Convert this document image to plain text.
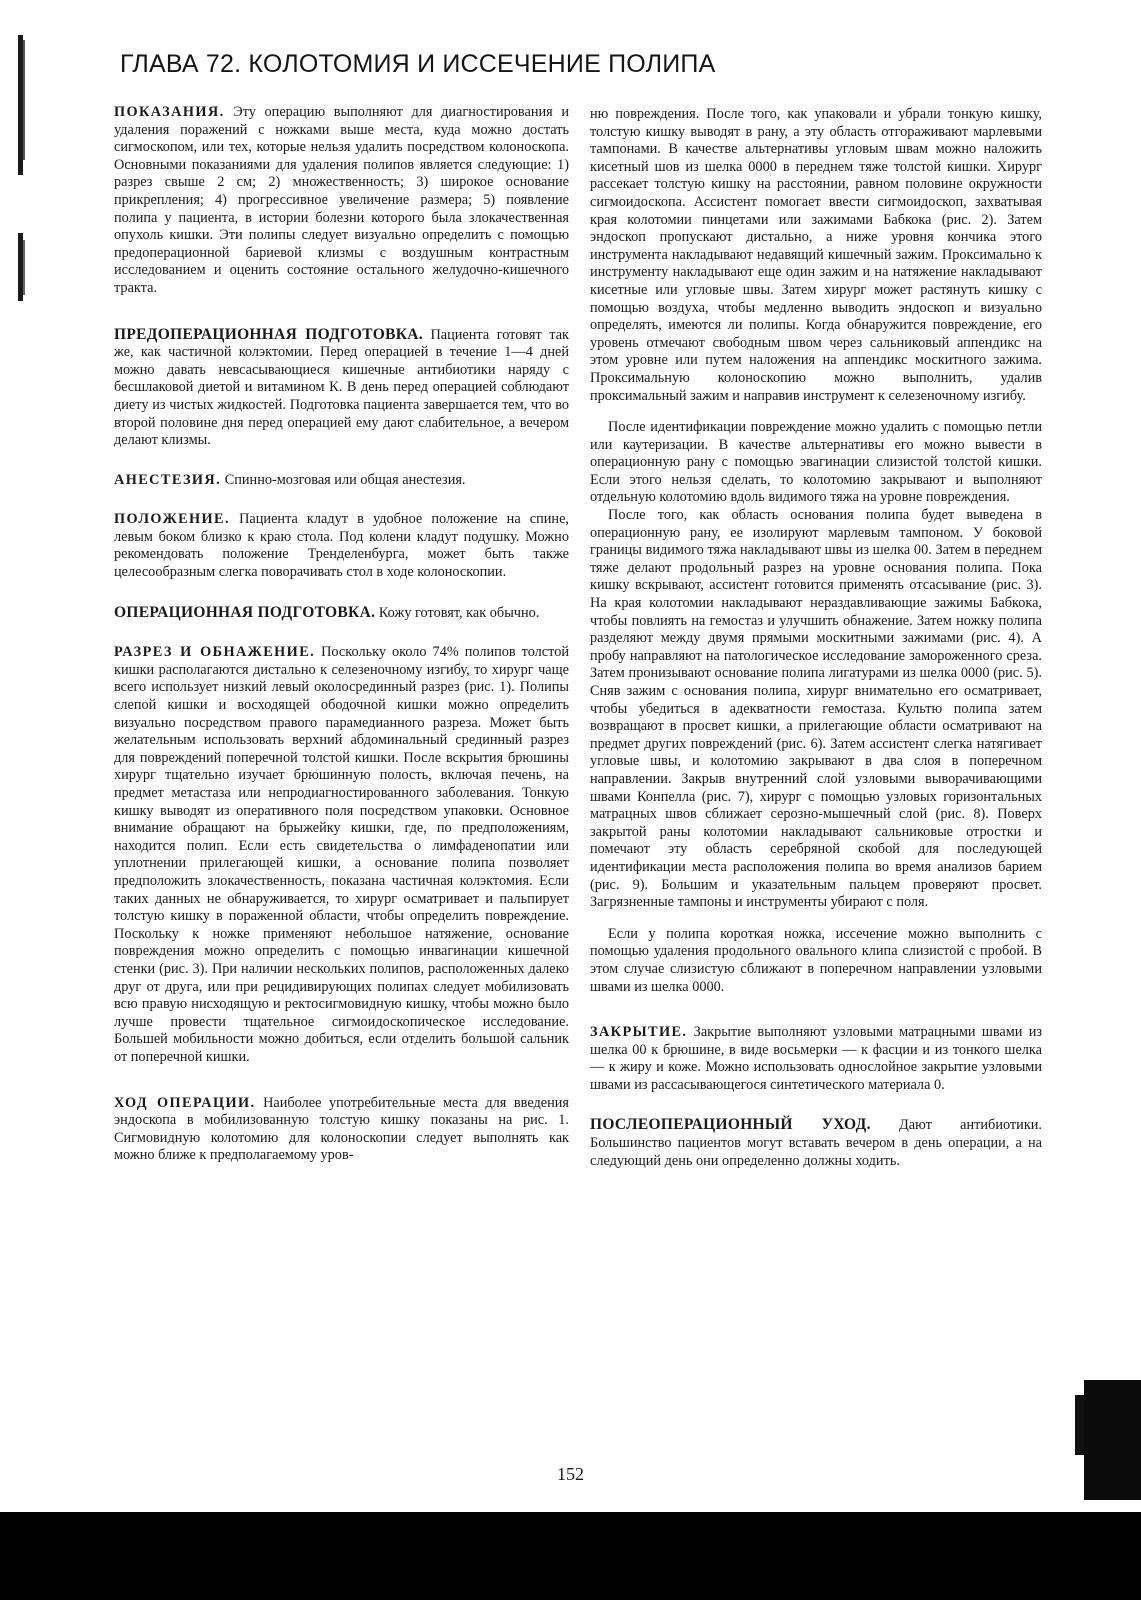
ГЛАВА 72. КОЛОТОМИЯ И ИССЕЧЕНИЕ ПОЛИПА

ПОКАЗАНИЯ. Эту операцию выполняют для диагностирования и удаления поражений с ножками выше места, куда можно достать сигмоскопом, или тех, которые нельзя удалить посредством колоноскопа. Основными показаниями для удаления полипов является следующие: 1) разрез свыше 2 см; 2) множественность; 3) широкое основание прикрепления; 4) прогрессивное увеличение размера; 5) появление полипа у пациента, в истории болезни которого была злокачественная опухоль кишки. Эти полипы следует визуально определить с помощью предоперационной бариевой клизмы с воздушным контрастным исследованием и оценить состояние остального желудочно-кишечного тракта.

ПРЕДОПЕРАЦИОННАЯ ПОДГОТОВКА. Пациента готовят так же, как частичной колэктомии. Перед операцией в течение 1—4 дней можно давать невсасывающиеся кишечные антибиотики наряду с бесшлаковой диетой и витамином К. В день перед операцией соблюдают диету из чистых жидкостей. Подготовка пациента завершается тем, что во второй половине дня перед операцией ему дают слабительное, а вечером делают клизмы.

АНЕСТЕЗИЯ. Спинно-мозговая или общая анестезия.

ПОЛОЖЕНИЕ. Пациента кладут в удобное положение на спине, левым боком близко к краю стола. Под колени кладут подушку. Можно рекомендовать положение Тренделенбурга, может быть также целесообразным слегка поворачивать стол в ходе колоноскопии.

ОПЕРАЦИОННАЯ ПОДГОТОВКА. Кожу готовят, как обычно.

РАЗРЕЗ И ОБНАЖЕНИЕ. Поскольку около 74% полипов толстой кишки располагаются дистально к селезеночному изгибу, то хирург чаще всего использует низкий левый околосрединный разрез (рис. 1). Полипы слепой кишки и восходящей ободочной кишки можно определить визуально посредством правого парамедианного разреза. Может быть желательным использовать верхний абдоминальный срединный разрез для повреждений поперечной толстой кишки. После вскрытия брюшины хирург тщательно изучает брюшинную полость, включая печень, на предмет метастаза или непродиагностированного заболевания. Тонкую кишку выводят из оперативного поля посредством упаковки. Основное внимание обращают на брыжейку кишки, где, по предположениям, находится полип. Если есть свидетельства о лимфаденопатии или уплотнении прилегающей кишки, а основание полипа позволяет предположить злокачественность, показана частичная колэктомия. Если таких данных не обнаруживается, то хирург осматривает и пальпирует толстую кишку в пораженной области, чтобы определить повреждение. Поскольку к ножке применяют небольшое натяжение, основание повреждения можно определить с помощью инвагинации кишечной стенки (рис. 3). При наличии нескольких полипов, расположенных далеко друг от друга, или при рецидивирующих полипах следует мобилизовать всю правую нисходящую и ректосигмовидную кишку, чтобы можно было лучше провести тщательное сигмоидоскопическое исследование. Большей мобильности можно добиться, если отделить большой сальник от поперечной кишки.

ХОД ОПЕРАЦИИ. Наиболее употребительные места для введения эндоскопа в мобилизованную толстую кишку показаны на рис. 1. Сигмовидную колотомию для колоноскопии следует выполнять как можно ближе к предполагаемому уров-

ню повреждения. После того, как упаковали и убрали тонкую кишку, толстую кишку выводят в рану, а эту область отгораживают марлевыми тампонами. В качестве альтернативы угловым швам можно наложить кисетный шов из шелка 0000 в переднем тяже толстой кишки. Хирург рассекает толстую кишку на расстоянии, равном половине окружности сигмоидоскопа. Ассистент помогает ввести сигмоидоскоп, захватывая края колотомии пинцетами или зажимами Бабкока (рис. 2). Затем эндоскоп пропускают дистально, а ниже уровня кончика этого инструмента накладывают недавящий кишечный зажим. Проксимально к инструменту накладывают еще один зажим и на натяжение накладывают кисетные или угловые швы. Затем хирург может растянуть кишку с помощью воздуха, чтобы медленно выводить эндоскоп и визуально определять, имеются ли полипы. Когда обнаружится повреждение, его уровень отмечают свободным швом через сальниковый аппендикс на этом уровне или путем наложения на аппендикс москитного зажима. Проксимальную колоноскопию можно выполнить, удалив проксимальный зажим и направив инструмент к селезеночному изгибу.

После идентификации повреждение можно удалить с помощью петли или каутеризации. В качестве альтернативы его можно вывести в операционную рану с помощью эвагинации слизистой толстой кишки. Если этого нельзя сделать, то колотомию закрывают и выполняют отдельную колотомию вдоль видимого тяжа на уровне повреждения.

После того, как область основания полипа будет выведена в операционную рану, ее изолируют марлевым тампоном. У боковой границы видимого тяжа накладывают швы из шелка 00. Затем в переднем тяже делают продольный разрез на уровне основания полипа. Пока кишку вскрывают, ассистент готовится применять отсасывание (рис. 3). На края колотомии накладывают нераздавливающие зажимы Бабкока, чтобы повлиять на гемостаз и улучшить обнажение. Затем ножку полипа разделяют между двумя прямыми москитными зажимами (рис. 4). А пробу направляют на патологическое исследование замороженного среза. Затем пронизывают основание полипа лигатурами из шелка 0000 (рис. 5). Сняв зажим с основания полипа, хирург внимательно его осматривает, чтобы убедиться в адекватности гемостаза. Культю полипа затем возвращают в просвет кишки, а прилегающие области осматривают на предмет других повреждений (рис. 6). Затем ассистент слегка натягивает угловые швы, и колотомию закрывают в два слоя в поперечном направлении. Закрыв внутренний слой узловыми выворачивающими швами Конпелла (рис. 7), хирург с помощью узловых горизонтальных матрацных швов сближает серозно-мышечный слой (рис. 8). Поверх закрытой раны колотомии накладывают сальниковые отростки и помечают эту область серебряной скобой для последующей идентификации места расположения полипа во время анализов барием (рис. 9). Большим и указательным пальцем проверяют просвет. Загрязненные тампоны и инструменты убирают с поля.

Если у полипа короткая ножка, иссечение можно выполнить с помощью удаления продольного овального клипа слизистой с пробой. В этом случае слизистую сближают в поперечном направлении узловыми швами из шелка 0000.

ЗАКРЫТИЕ. Закрытие выполняют узловыми матрацными швами из шелка 00 к брюшине, в виде восьмерки — к фасции и из тонкого шелка — к жиру и коже. Можно использовать однослойное закрытие узловыми швами из рассасывающегося синтетического материала 0.

ПОСЛЕОПЕРАЦИОННЫЙ УХОД. Дают антибиотики. Большинство пациентов могут вставать вечером в день операции, а на следующий день они определенно должны ходить.

152
